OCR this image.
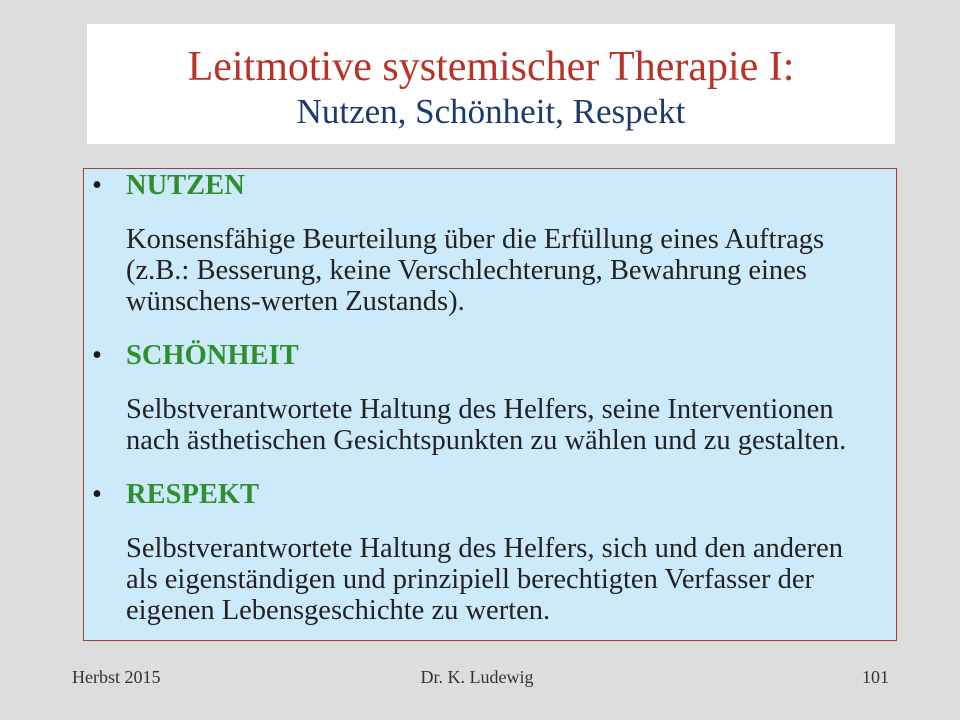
Leitmotive systemischer Therapie I:
Nutzen, Schönheit, Respekt
• NUTZEN
Konsensfähige Beurteilung über die Erfüllung eines Auftrags
(z.B.: Besserung, keine Verschlechterung, Bewahrung eines
wünschens-werten Zustands).
• SCHÖNHEIT
Selbstverantwortete Haltung des Helfers, seine Interventionen
nach ästhetischen Gesichtspunkten zu wählen und zu gestalten.
• RESPEKT
Selbstverantwortete Haltung des Helfers, sich und den anderen
als eigenständigen und prinzipiell berechtigten Verfasser der
eigenen Lebensgeschichte zu werten.
Herbst 2015	Dr. K. Ludewig	101
